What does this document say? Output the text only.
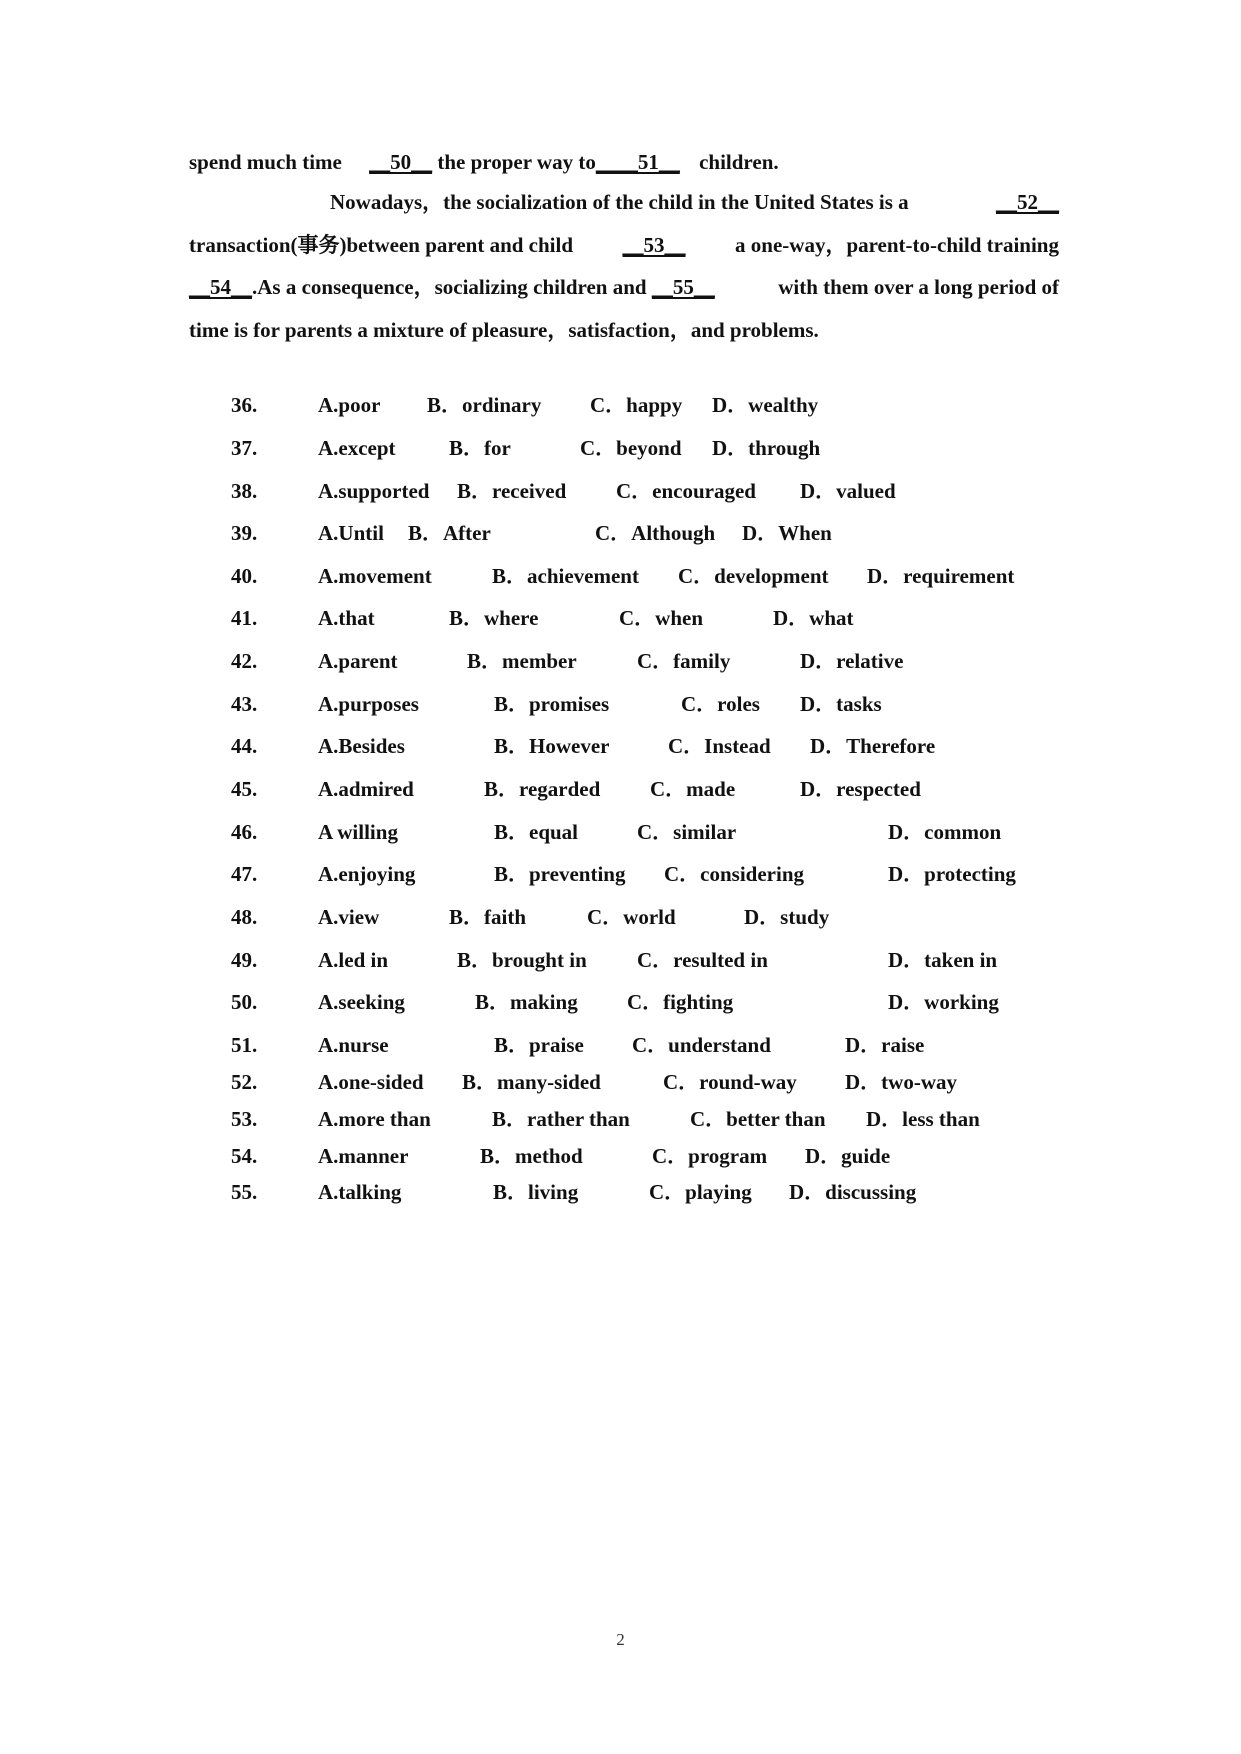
spend much time __50__ the proper way to____51__ children.
Nowadays，the socialization of the child in the United States is a	__52__
transaction(事务)between parent and child __53__ a one-way，parent-to-child training
__54__.As a consequence，socializing children and __55__	with them over a long period of
time is for parents a mixture of pleasure，satisfaction，and problems.
36.	A.poor B．ordinary C．happy D．wealthy
37.	A.except	B．for	C．beyond D．through
38.	A.supported B．received C．encouraged D．valued
39.	A.Until B．After	C．Although D．When
40.	A.movement	B．achievement C．development D．requirement
41.	A.that	B．where	C．when	D．what
42.	A.parent	B．member	C．family	D．relative
43.	A.purposes	B．promises	C．roles D．tasks
44.	A.Besides	B．However	C．Instead D．Therefore
45.	A.admired	B．regarded C．made	D．respected
46.	A willing	B．equal	C．similar	D．common
47.	A.enjoying	B．preventing C．considering	D．protecting
48.	A.view	B．faith	C．world	D．study
49.	A.led in	B．brought in C．resulted in	D．taken in
50.	A.seeking	B．making C．fighting	D．working
51.	A.nurse	B．praise C．understand	D．raise
52.	A.one-sided B．many-sided	C．round-way D．two-way
53.	A.more than	B．rather than	C．better than D．less than
54.	A.manner	B．method	C．program D．guide
55.	A.talking	B．living	C．playing D．discussing
2
